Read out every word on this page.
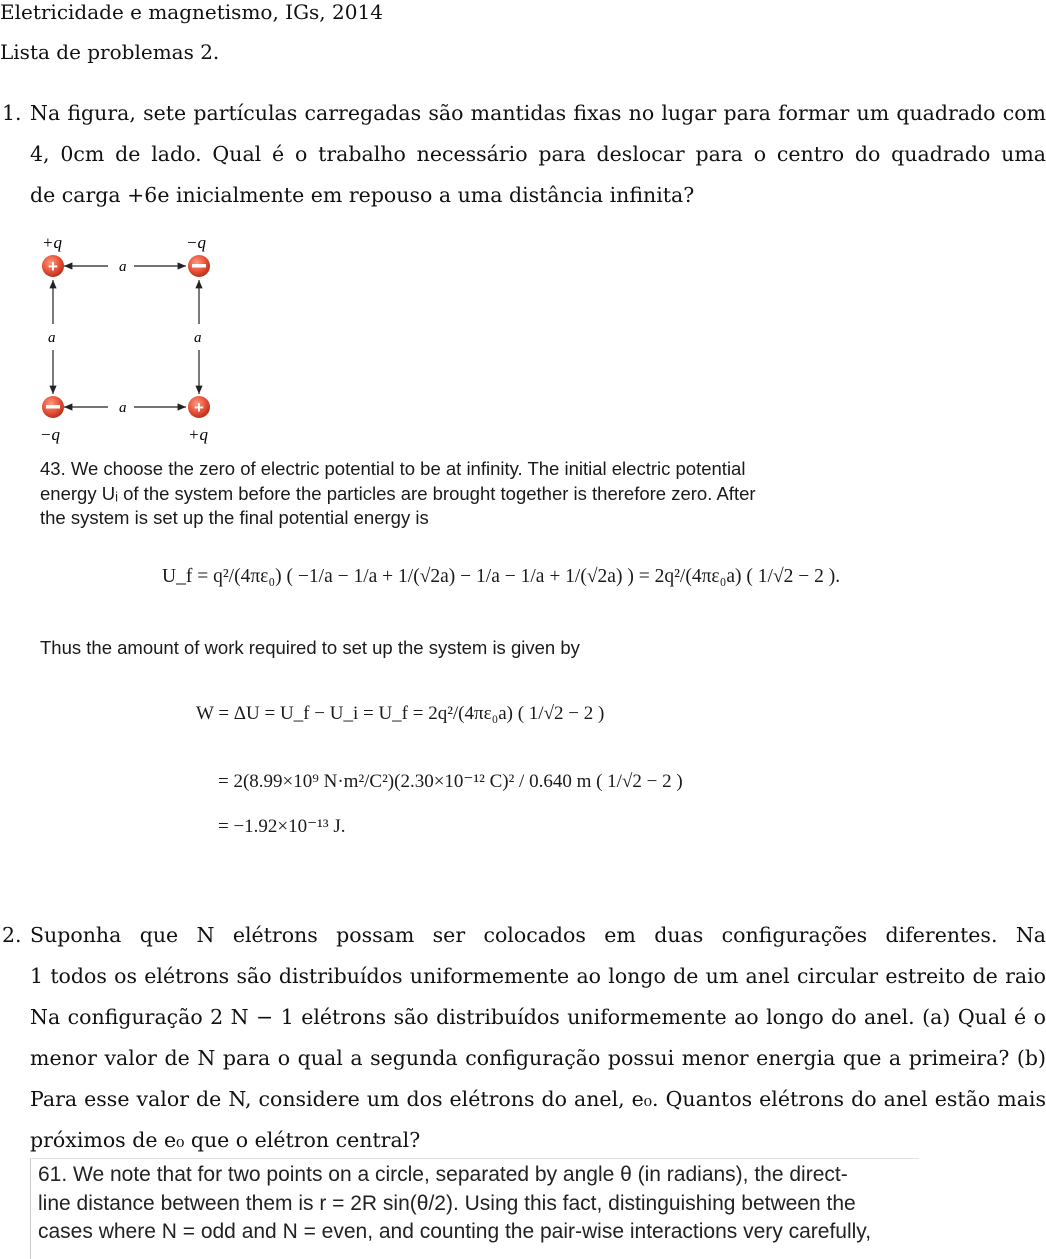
Eletricidade e magnetismo, IGs, 2014
Lista de problemas 2.
1. Na figura, sete partículas carregadas são mantidas fixas no lugar para formar um quadrado com
4, 0cm de lado. Qual é o trabalho necessário para deslocar para o centro do quadrado uma
de carga +6e inicialmente em repouso a uma distância infinita?
+q	−q
−q	+q
a
a
a	a
+
+
43. We choose the zero of electric potential to be at infinity. The initial electric potential
energy Uᵢ of the system before the particles are brought together is therefore zero. After
the system is set up the final potential energy is
U_f = q²/(4πε₀) ( −1/a − 1/a + 1/(√2a) − 1/a − 1/a + 1/(√2a) ) = 2q²/(4πε₀a) ( 1/√2 − 2 ).
Thus the amount of work required to set up the system is given by
W = ΔU = U_f − U_i = U_f = 2q²/(4πε₀a) ( 1/√2 − 2 )
= 2(8.99×10⁹ N·m²/C²)(2.30×10⁻¹² C)² / 0.640 m ( 1/√2 − 2 )
= −1.92×10⁻¹³ J.
2. Suponha que N elétrons possam ser colocados em duas configurações diferentes. Na
1 todos os elétrons são distribuídos uniformemente ao longo de um anel circular estreito de raio
Na configuração 2 N − 1 elétrons são distribuídos uniformemente ao longo do anel. (a) Qual é o
menor valor de N para o qual a segunda configuração possui menor energia que a primeira? (b)
Para esse valor de N, considere um dos elétrons do anel, e₀. Quantos elétrons do anel estão mais
próximos de e₀ que o elétron central?
61. We note that for two points on a circle, separated by angle θ (in radians), the direct-
line distance between them is r = 2R sin(θ/2). Using this fact, distinguishing between the
cases where N = odd and N = even, and counting the pair-wise interactions very carefully,
